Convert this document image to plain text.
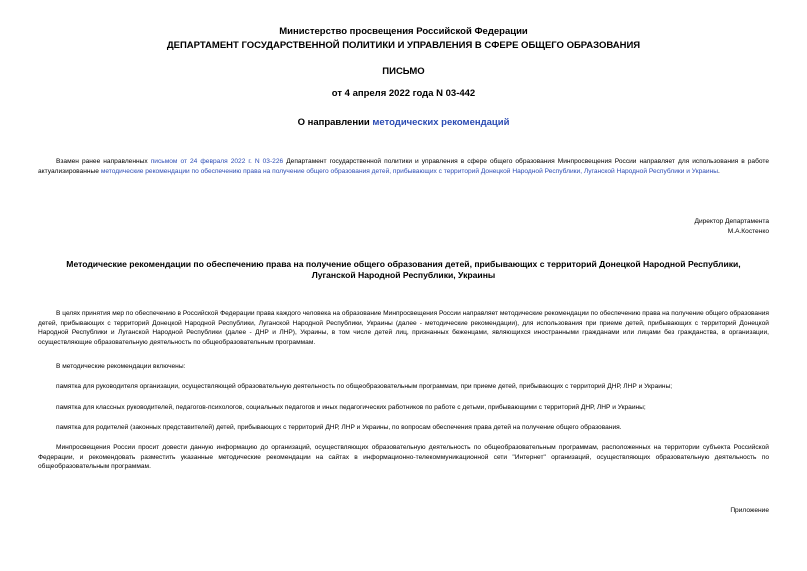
Министерство просвещения Российской Федерации
ДЕПАРТАМЕНТ ГОСУДАРСТВЕННОЙ ПОЛИТИКИ И УПРАВЛЕНИЯ В СФЕРЕ ОБЩЕГО ОБРАЗОВАНИЯ
ПИСЬМО
от 4 апреля 2022 года N 03-442
О направлении методических рекомендаций
Взамен ранее направленных письмом от 24 февраля 2022 г. N 03-226 Департамент государственной политики и управления в сфере общего образования Минпросвещения России направляет для использования в работе актуализированные методические рекомендации по обеспечению права на получение общего образования детей, прибывающих с территорий Донецкой Народной Республики, Луганской Народной Республики и Украины.
Директор Департамента
М.А.Костенко
Методические рекомендации по обеспечению права на получение общего образования детей, прибывающих с территорий Донецкой Народной Республики,
Луганской Народной Республики, Украины
В целях принятия мер по обеспечению в Российской Федерации права каждого человека на образование Минпросвещения России направляет методические рекомендации по обеспечению права на получение общего образования детей, прибывающих с территорий Донецкой Народной Республики, Луганской Народной Республики, Украины (далее - методические рекомендации), для использования при приеме детей, прибывающих с территорий Донецкой Народной Республики и Луганской Народной Республики (далее - ДНР и ЛНР), Украины, в том числе детей лиц, признанных беженцами, являющихся иностранными гражданами или лицами без гражданства, в организации, осуществляющие образовательную деятельность по общеобразовательным программам.
В методические рекомендации включены:
памятка для руководителя организации, осуществляющей образовательную деятельность по общеобразовательным программам, при приеме детей, прибывающих с территорий ДНР, ЛНР и Украины;
памятка для классных руководителей, педагогов-психологов, социальных педагогов и иных педагогических работников по работе с детьми, прибывающими с территорий ДНР, ЛНР и Украины;
памятка для родителей (законных представителей) детей, прибывающих с территорий ДНР, ЛНР и Украины, по вопросам обеспечения права детей на получение общего образования.
Минпросвещения России просит довести данную информацию до организаций, осуществляющих образовательную деятельность по общеобразовательным программам, расположенных на территории субъекта Российской Федерации, и рекомендовать разместить указанные методические рекомендации на сайтах в информационно-телекоммуникационной сети "Интернет" организаций, осуществляющих образовательную деятельность по общеобразовательным программам.
Приложение
